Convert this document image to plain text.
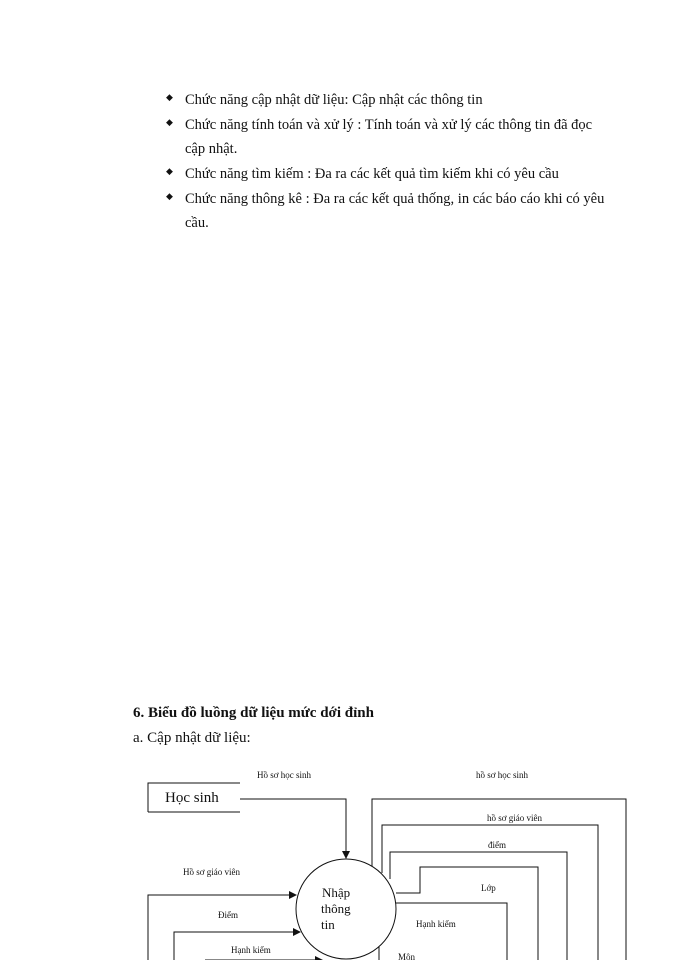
◆ Chức năng cập nhật dữ liệu: Cập nhật các thông tin
◆ Chức năng tính toán và xử lý : Tính toán và xử lý các thông tin đã đọc cập nhật.
◆ Chức năng tìm kiếm : Đa ra các kết quả tìm kiếm khi có yêu cầu
◆ Chức năng thông kê : Đa ra các kết quả thống, in các báo cáo khi có yêu cầu.
6. Biểu đồ luồng dữ liệu mức dới đỉnh
a. Cập nhật dữ liệu:
Học sinh
Hồ sơ học sinh
Nhập
thông
tin
hồ sơ học sinh
hồ sơ giáo viên
điểm
Lớp
Hạnh kiểm
Môn
Hồ sơ giáo viên
Điểm
Hạnh kiểm
